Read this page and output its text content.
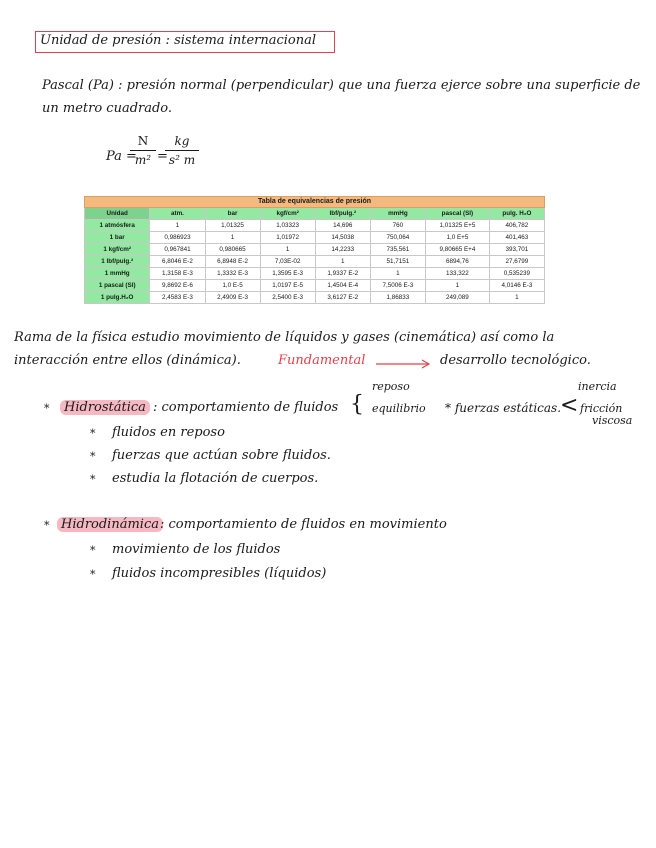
Unidad de presión : sistema internacional
Pascal (Pa) : presión normal (perpendicular) que una fuerza ejerce sobre una superficie de
un metro cuadrado.
Pa =
N
m² =
kg
s² m
Tabla de equivalencias de presión							
Unidad	atm.	bar	kgf/cm²	lbf/pulg.²	mmHg	pascal (SI)	pulg. H₂O
1 atmósfera	1	1,01325	1,03323	14,696	760	1,01325 E+5	406,782
1 bar	0,986923	1	1,01972	14,5038	750,064	1,0 E+5	401,463
1 kgf/cm²	0,967841	0,980665	1	14,2233	735,561	9,80665 E+4	393,701
1 lbf/pulg.²	6,8046 E-2	6,8948 E-2	7,03E-02	1	51,7151	6894,76	27,6799
1 mmHg	1,3158 E-3	1,3332 E-3	1,3595 E-3	1,9337 E-2	1	133,322	0,535239
1 pascal (SI)	9,8692 E-6	1,0 E-5	1,0197 E-5	1,4504 E-4	7,5006 E-3	1	4,0146 E-3
1 pulg.H₂O	2,4583 E-3	2,4909 E-3	2,5400 E-3	3,6127 E-2	1,86833	249,089	1
Rama de la física estudio movimiento de líquidos y gases (cinemática) así como la
interacción entre ellos (dinámica).	Fundamental	desarrollo tecnológico.
*	Hidrostática : comportamiento de fluidos {
reposo
equilibrio * fuerzas estáticas.
<
inercia
fricción
viscosa
* fluidos en reposo
* fuerzas que actúan sobre fluidos.
* estudia la flotación de cuerpos.
* Hidrodinámica : comportamiento de fluidos en movimiento
* movimiento de los fluidos
* fluidos incompresibles (líquidos)
